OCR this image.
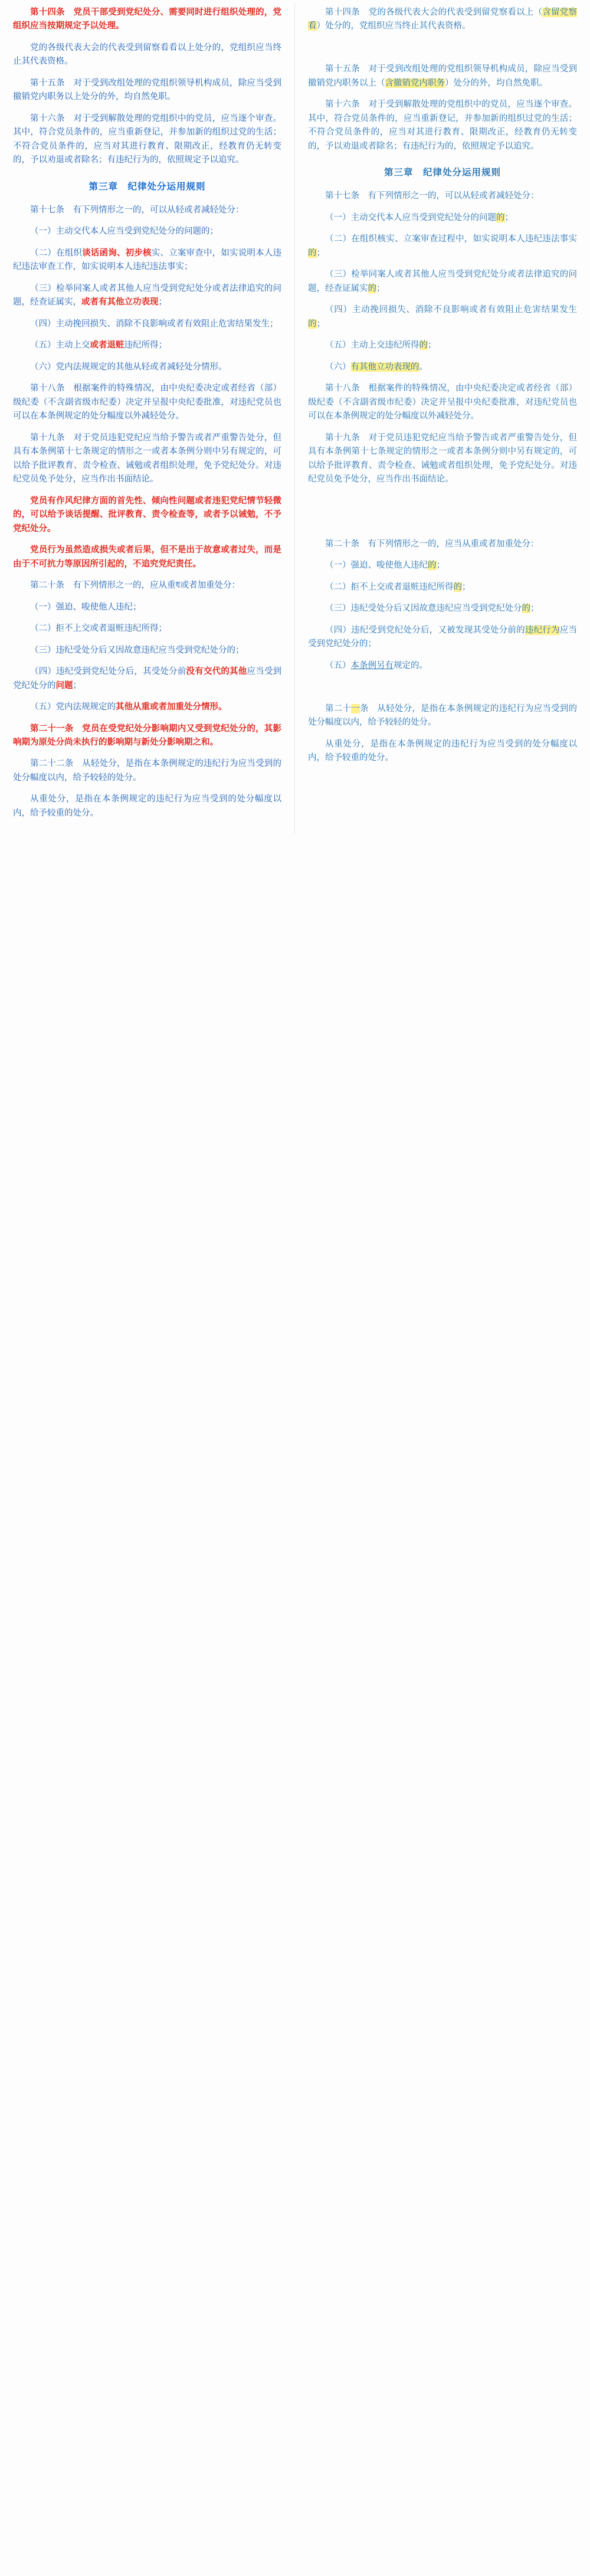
第十四条　党员干部受到党纪处分、需要同时进行组织处理的，党组织应当按期规定予以处理。

党的各级代表大会的代表受到留察看看以上处分的，党组织应当终止其代表资格。

第十五条　对于受到改组处理的党组织领导机构成员，除应当受到撤销党内职务以上处分的外，均自然免职。

第十六条　对于受到解散处理的党组织中的党员，应当逐个审查。其中，符合党员条件的，应当重新登记，并参加新的组织过党的生活；不符合党员条件的，应当对其进行教育、限期改正，经教育仍无转变的，予以劝退或者除名；有违纪行为的，依照规定予以追究。

第三章　纪律处分运用规则

第十七条　有下列情形之一的，可以从轻或者减轻处分：

（一）主动交代本人应当受到党纪处分的问题的；

（二）在组织谈话函询、初步核实、立案审查中，如实说明本人违纪违法审查工作，如实说明本人违纪违法事实；

（三）检举同案人或者其他人应当受到党纪处分或者法律追究的问题，经查证属实，或者有其他立功表现；

（四）主动挽回损失、消除不良影响或者有效阻止危害结果发生；

（五）主动上交或者退赃违纪所得；

（六）党内法规规定的其他从轻或者减轻处分情形。

第十八条　根据案件的特殊情况，由中央纪委决定或者经省（部）级纪委（不含副省级市纪委）决定并呈报中央纪委批准，对违纪党员也可以在本条例规定的处分幅度以外减轻处分。

第十九条　对于党员违犯党纪应当给予警告或者严重警告处分，但具有本条例第十七条规定的情形之一或者本条例分则中另有规定的，可以给予批评教育、责令检查、诫勉或者组织处理，免予党纪处分。对违纪党员免予处分，应当作出书面结论。

党员有作风纪律方面的首先性、倾向性问题或者违犯党纪情节轻微的，可以给予谈话提醒、批评教育、责令检查等，或者予以诫勉，不予党纪处分。

党员行为虽然造成损失或者后果，但不是出于故意或者过失，而是由于不可抗力等原因所引起的，不追究党纪责任。

第二十条　有下列情形之一的，应从重ধ或者加重处分：

（一）强迫、唆使他人违纪；

（二）拒不上交或者退赃违纪所得；

（三）违纪受处分后又因故意违纪应当受到党纪处分的；

（四）违纪受到党纪处分后，其受处分前没有交代的其他应当受到党纪处分的问题；

（五）党内法规规定的其他从重或者加重处分情形。

第二十一条　党员在受党纪处分影响期内又受到党纪处分的，其影响期为原处分尚未执行的影响期与新处分影响期之和。

第二十二条　从轻处分，是指在本条例规定的违纪行为应当受到的处分幅度以内，给予较轻的处分。

从重处分，是指在本条例规定的违纪行为应当受到的处分幅度以内，给予较重的处分。

第十四条　党的各级代表大会的代表受到留党察看以上（含留党察看）处分的，党组织应当终止其代表资格。

第十五条　对于受到改组处理的党组织领导机构成员，除应当受到撤销党内职务以上（含撤销党内职务）处分的外，均自然免职。

第十六条　对于受到解散处理的党组织中的党员，应当逐个审查。其中，符合党员条件的，应当重新登记，并参加新的组织过党的生活；不符合党员条件的，应当对其进行教育、限期改正，经教育仍无转变的，予以劝退或者除名；有违纪行为的，依照规定予以追究。

第三章　纪律处分运用规则

第十七条　有下列情形之一的，可以从轻或者减轻处分：

（一）主动交代本人应当受到党纪处分的问题的；

（二）在组织核实、立案审查过程中，如实说明本人违纪违法事实的；

（三）检举同案人或者其他人应当受到党纪处分或者法律追究的问题，经查证属实的；

（四）主动挽回损失、消除不良影响或者有效阻止危害结果发生的；

（五）主动上交违纪所得的；

（六）有其他立功表现的。

第十八条　根据案件的特殊情况，由中央纪委决定或者经省（部）级纪委（不含副省级市纪委）决定并呈报中央纪委批准，对违纪党员也可以在本条例规定的处分幅度以外减轻处分。

第十九条　对于党员违犯党纪应当给予警告或者严重警告处分，但具有本条例第十七条规定的情形之一或者本条例分则中另有规定的，可以给予批评教育、责令检查、诫勉或者组织处理，免予党纪处分。对违纪党员免予处分，应当作出书面结论。

第二十条　有下列情形之一的，应当从重或者加重处分：

（一）强迫、唆使他人违纪的；

（二）拒不上交或者退赃违纪所得的；

（三）违纪受处分后又因故意违纪应当受到党纪处分的；

（四）违纪受到党纪处分后，又被发现其受处分前的违纪行为应当受到党纪处分的；

（五）本条例另有规定的。

第二十一条　从轻处分，是指在本条例规定的违纪行为应当受到的处分幅度以内，给予较轻的处分。

从重处分，是指在本条例规定的违纪行为应当受到的处分幅度以内，给予较重的处分。
